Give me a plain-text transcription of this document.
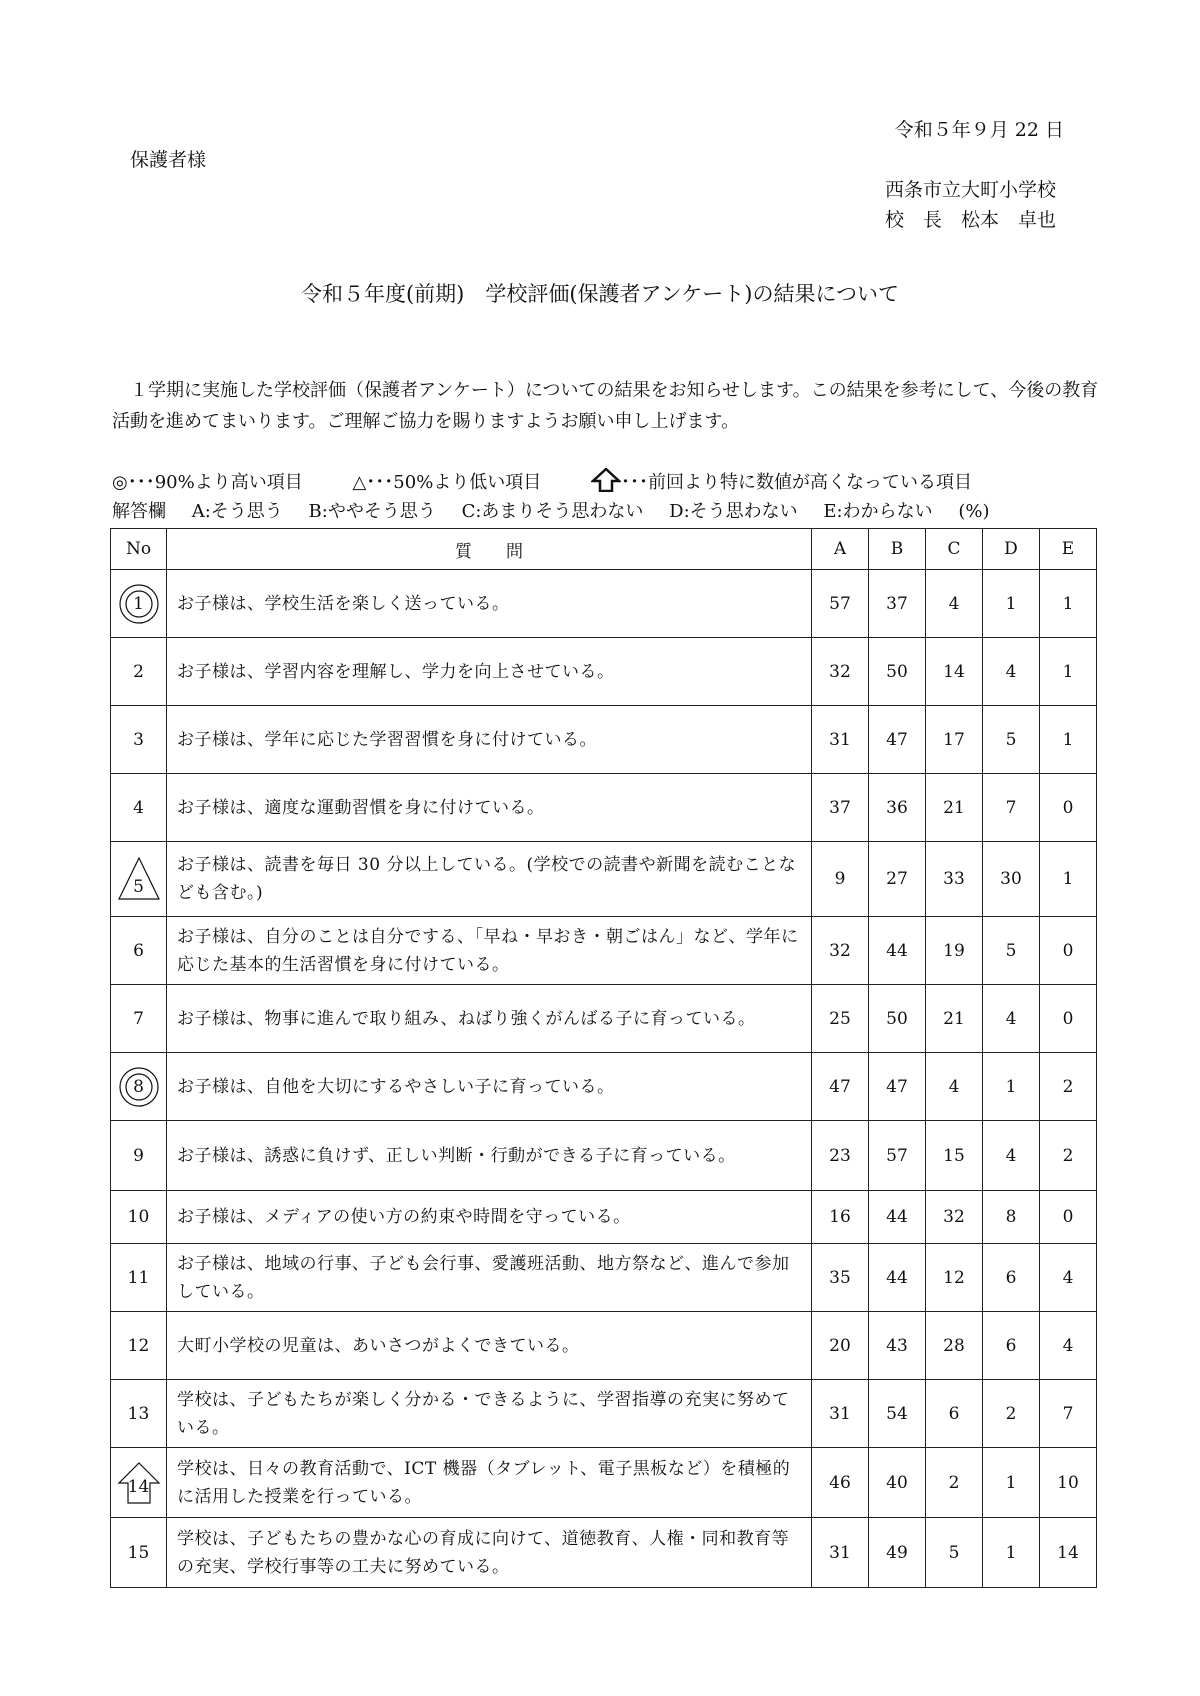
令和５年９月 22 日
保護者様
西条市立大町小学校
校　長　松本　卓也
令和５年度(前期)　学校評価(保護者アンケート)の結果について
１学期に実施した学校評価（保護者アンケート）についての結果をお知らせします。この結果を参考にして、今後の教育活動を進めてまいります。ご理解ご協力を賜りますようお願い申し上げます。
◎･･･90%より高い項目	△･･･50%より低い項目	･･･前回より特に数値が高くなっている項目
解答欄 A:そう思う B:ややそう思う C:あまりそう思わない D:そう思わない E:わからない (%)
No	質　　問	A	B	C	D	E

1	お子様は、学校生活を楽しく送っている。	57	37	4	1	1
2	お子様は、学習内容を理解し、学力を向上させている。	32	50	14	4	1
3	お子様は、学年に応じた学習習慣を身に付けている。	31	47	17	5	1
4	お子様は、適度な運動習慣を身に付けている。	37	36	21	7	0

5	お子様は、読書を毎日 30 分以上している。(学校での読書や新聞を読むことなども含む。)	9	27	33	30	1
6	お子様は、自分のことは自分でする、「早ね・早おき・朝ごはん」など、学年に応じた基本的生活習慣を身に付けている。	32	44	19	5	0
7	お子様は、物事に進んで取り組み、ねばり強くがんばる子に育っている。	25	50	21	4	0

8	お子様は、自他を大切にするやさしい子に育っている。	47	47	4	1	2
9	お子様は、誘惑に負けず、正しい判断・行動ができる子に育っている。	23	57	15	4	2
10	お子様は、メディアの使い方の約束や時間を守っている。	16	44	32	8	0
11	お子様は、地域の行事、子ども会行事、愛護班活動、地方祭など、進んで参加している。	35	44	12	6	4
12	大町小学校の児童は、あいさつがよくできている。	20	43	28	6	4
13	学校は、子どもたちが楽しく分かる・できるように、学習指導の充実に努めている。	31	54	6	2	7

14	学校は、日々の教育活動で、ICT 機器（タブレット、電子黒板など）を積極的に活用した授業を行っている。	46	40	2	1	10
15	学校は、子どもたちの豊かな心の育成に向けて、道徳教育、人権・同和教育等の充実、学校行事等の工夫に努めている。	31	49	5	1	14
